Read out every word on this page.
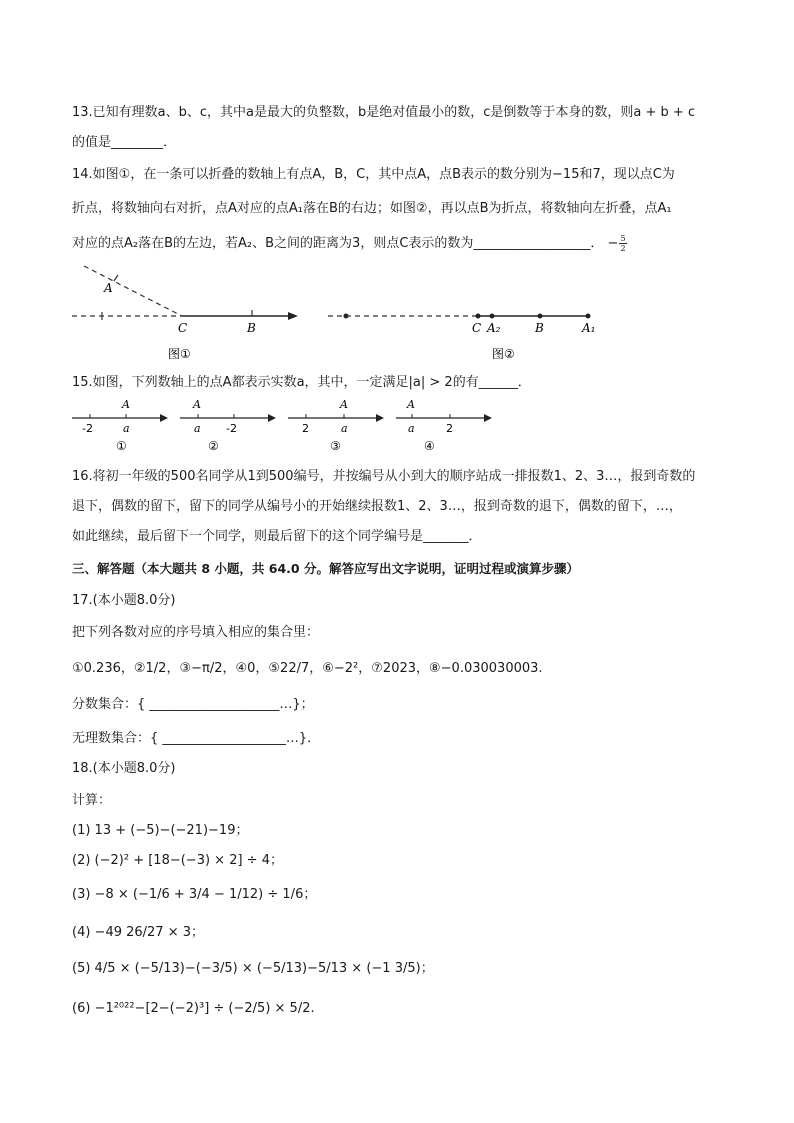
13.已知有理数a、b、c，其中a是最大的负整数，b是绝对值最小的数，c是倒数等于本身的数，则a + b + c
的值是________．
14.如图①，在一条可以折叠的数轴上有点A，B，C，其中点A，点B表示的数分别为−15和7，现以点C为
折点，将数轴向右对折，点A对应的点A₁落在B的右边；如图②，再以点B为折点，将数轴向左折叠，点A₁
对应的点A₂落在B的左边，若A₂、B之间的距离为3，则点C表示的数为__________________． − $\frac{5}{2}$
A
C	B
图①
C A₂	B	A₁
图②
15.如图，下列数轴上的点A都表示实数a，其中，一定满足|a| > 2的有______．
A
a
-2
①
A
a -2
②
A
a
2
③
A
a	2
④
16.将初一年级的500名同学从1到500编号，并按编号从小到大的顺序站成一排报数1、2、3…，报到奇数的
退下，偶数的留下，留下的同学从编号小的开始继续报数1、2、3…，报到奇数的退下，偶数的留下，…，
如此继续，最后留下一个同学，则最后留下的这个同学编号是_______．
三、解答题（本大题共 8 小题，共 64.0 分。解答应写出文字说明，证明过程或演算步骤）
17.(本小题8.0分)
把下列各数对应的序号填入相应的集合里：
①0.236，②1/2，③−π/2，④0，⑤22/7，⑥−2²，⑦2023，⑧−0.030030003.
分数集合：{ ____________________…}；
无理数集合：{ ___________________…}．
18.(本小题8.0分)
计算：
(1) 13 + (−5)−(−21)−19；
(2) (−2)² + [18−(−3) × 2] ÷ 4；
(3) −8 × (−1/6 + 3/4 − 1/12) ÷ 1/6；
(4) −49 26/27 × 3；
(5) 4/5 × (−5/13)−(−3/5) × (−5/13)−5/13 × (−1 3/5)；
(6) −1²⁰²²−[2−(−2)³] ÷ (−2/5) × 5/2.
